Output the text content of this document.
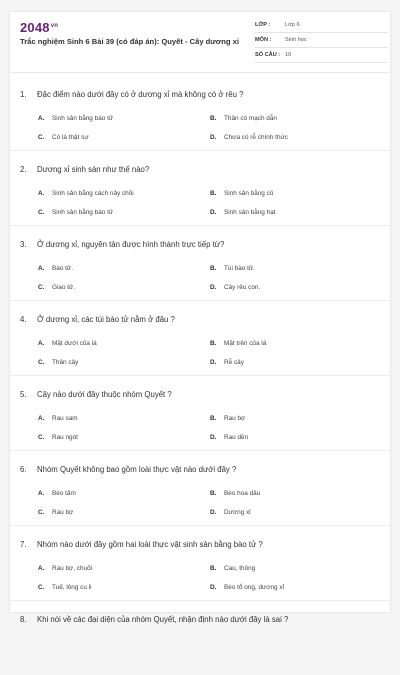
$2048^{vn}$
Trắc nghiệm Sinh 6 Bài 39 (có đáp án): Quyết - Cây dương xỉ
LỚP :	Lớp 6
MÔN :	Sinh học
SỐ CÂU : 10
1. Đặc điểm nào dưới đây có ở dương xỉ mà không có ở rêu ?
A. Sinh sản bằng bào tử	B. Thân có mạch dẫn
C. Có lá thật sự	D. Chưa có rễ chính thức
2. Dương xỉ sinh sản như thế nào?
A. Sinh sản bằng cách nảy chồi	B. Sinh sản bằng củ
C. Sinh sản bằng bào tử	D. Sinh sản bằng hạt
3. Ở dương xỉ, nguyên tản được hình thành trực tiếp từ?
A. Bào tử.	B. Túi bào tử.
C. Giao tử.	D. Cây rêu con.
4. Ở dương xỉ, các túi bào tử nằm ở đâu ?
A. Mặt dưới của lá	B. Mặt trên của lá
C. Thân cây	D. Rễ cây
5. Cây nào dưới đây thuộc nhóm Quyết ?
A. Rau sam	B. Rau bợ
C. Rau ngót	D. Rau dền
6. Nhóm Quyết không bao gồm loài thực vật nào dưới đây ?
A. Bèo tấm	B. Bèo hoa dâu
C. Rau bợ	D. Dương xỉ
7. Nhóm nào dưới đây gồm hai loài thực vật sinh sản bằng bào tử ?
A. Rau bợ, chuối	B. Cau, thông
C. Tuế, lông cu li	D. Bèo tổ ong, dương xỉ
8. Khi nói về các đại diện của nhóm Quyết, nhận định nào dưới đây là sai ?
